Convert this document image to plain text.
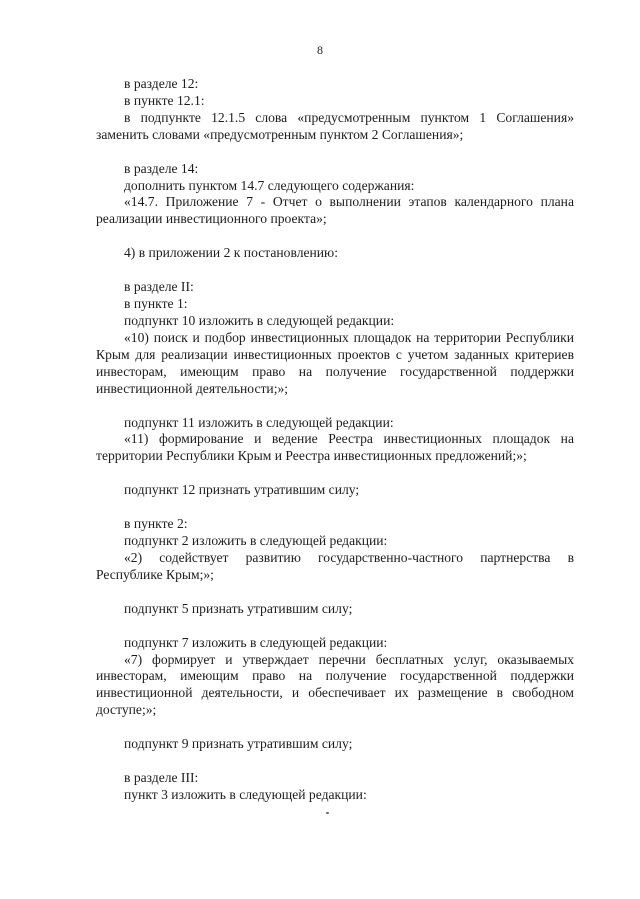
8

в разделе 12:

в пункте 12.1:

в подпункте 12.1.5 слова «предусмотренным пунктом 1 Соглашения» заменить словами «предусмотренным пунктом 2 Соглашения»;

в разделе 14:

дополнить пунктом 14.7 следующего содержания:

«14.7. Приложение 7 - Отчет о выполнении этапов календарного плана реализации инвестиционного проекта»;

4) в приложении 2 к постановлению:

в разделе II:

в пункте 1:

подпункт 10 изложить в следующей редакции:

«10) поиск и подбор инвестиционных площадок на территории Республики Крым для реализации инвестиционных проектов с учетом заданных критериев инвесторам, имеющим право на получение государственной поддержки инвестиционной деятельности;»;

подпункт 11 изложить в следующей редакции:

«11) формирование и ведение Реестра инвестиционных площадок на территории Республики Крым и Реестра инвестиционных предложений;»;

подпункт 12 признать утратившим силу;

в пункте 2:

подпункт 2 изложить в следующей редакции:

«2) содействует развитию государственно-частного партнерства в Республике Крым;»;

подпункт 5 признать утратившим силу;

подпункт 7 изложить в следующей редакции:

«7) формирует и утверждает перечни бесплатных услуг, оказываемых инвесторам, имеющим право на получение государственной поддержки инвестиционной деятельности, и обеспечивает их размещение в свободном доступе;»;

подпункт 9 признать утратившим силу;

в разделе III:

пункт 3 изложить в следующей редакции:
